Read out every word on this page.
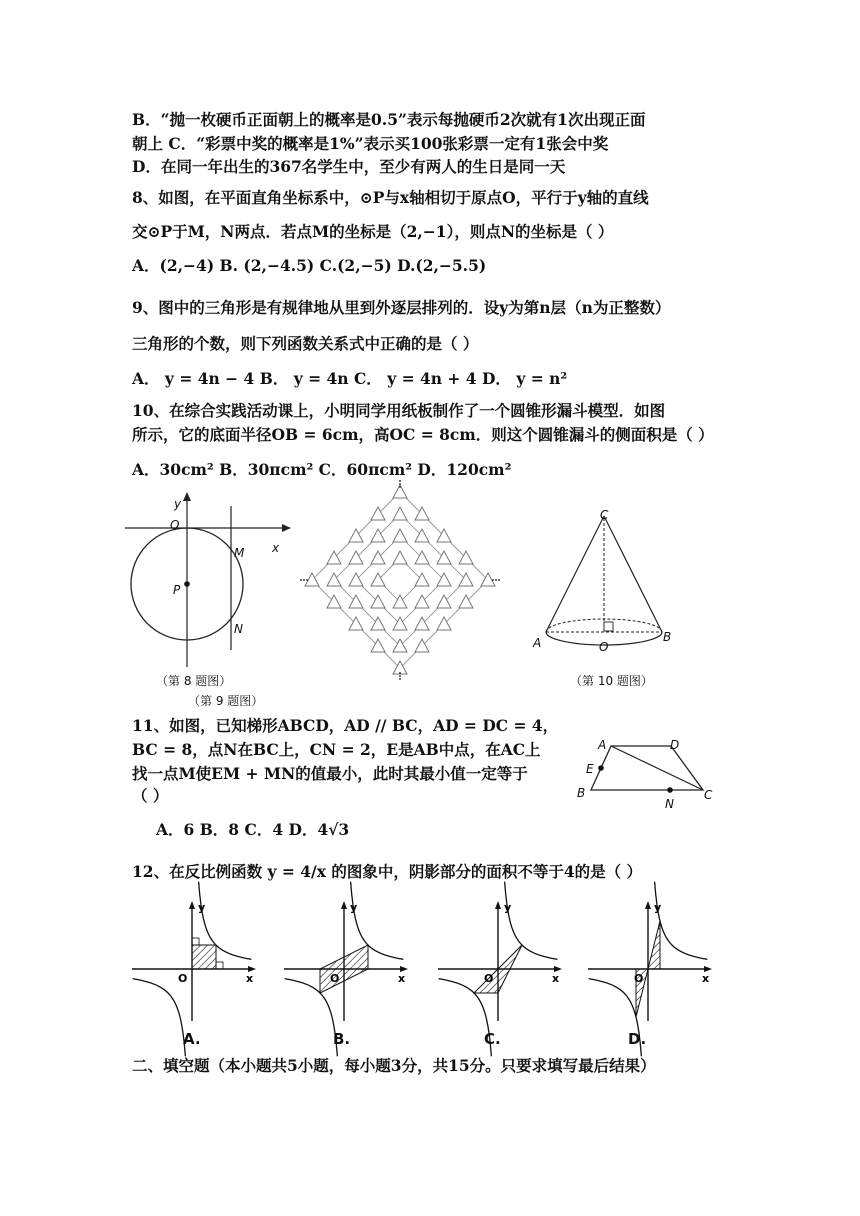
B．“抛一枚硬币正面朝上的概率是0.5”表示每抛硬币2次就有1次出现正面
朝上 C．“彩票中奖的概率是1%”表示买100张彩票一定有1张会中奖
D．在同一年出生的367名学生中，至少有两人的生日是同一天
8、如图，在平面直角坐标系中，⊙P与x轴相切于原点O，平行于y轴的直线
交⊙P于M，N两点．若点M的坐标是（2,−1），则点N的坐标是（ ）
A．(2,−4) B. (2,−4.5) C.(2,−5) D.(2,−5.5)
9、图中的三角形是有规律地从里到外逐层排列的．设y为第n层（n为正整数）
三角形的个数，则下列函数关系式中正确的是（ ）
A． y = 4n − 4 B． y = 4n C． y = 4n + 4 D． y = n²
10、在综合实践活动课上，小明同学用纸板制作了一个圆锥形漏斗模型．如图
所示，它的底面半径OB = 6cm，高OC = 8cm．则这个圆锥漏斗的侧面积是（ ）
A．30cm² B．30πcm² C．60πcm² D．120cm²
y
O
x
M
P
N
（第 8 题图）
（第 9 题图）
C
A	O
B
（第 10 题图）
11、如图，已知梯形ABCD，AD // BC，AD = DC = 4，
BC = 8，点N在BC上，CN = 2，E是AB中点，在AC上
找一点M使EM + MN的值最小，此时其最小值一定等于
（ ）
A．6 B．8 C．4 D．4√3
A	D
E
B
N
C
12、在反比例函数 y = 4/x 的图象中，阴影部分的面积不等于4的是（ ）
y
x
O
y
x
O
y
x
O
y
x
O
A.	B.	C.	D.
二、填空题（本小题共5小题，每小题3分，共15分。只要求填写最后结果）
